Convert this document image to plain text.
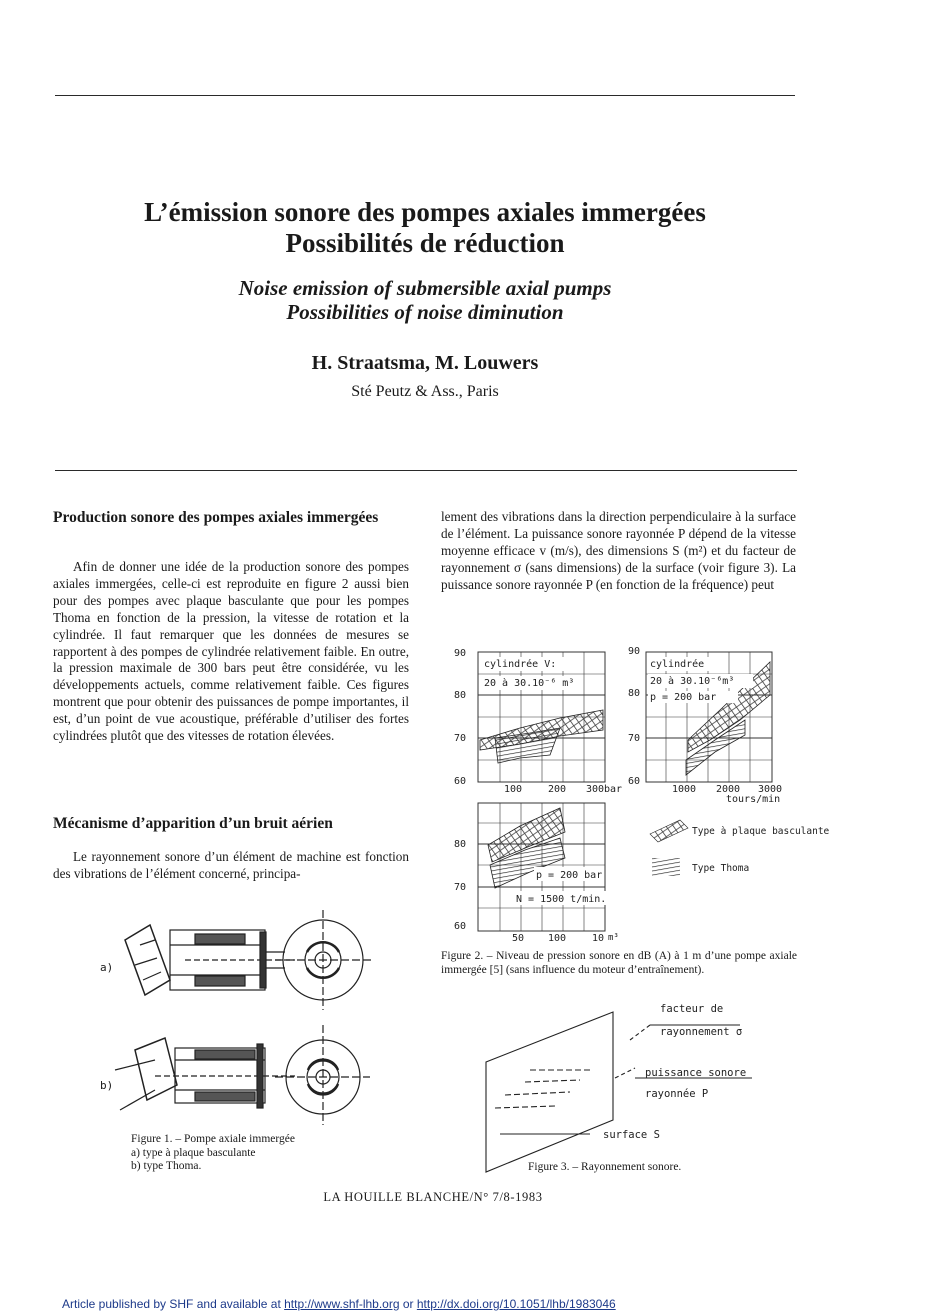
L’émission sonore des pompes axiales immergées
Possibilités de réduction
Noise emission of submersible axial pumps
Possibilities of noise diminution
H. Straatsma, M. Louwers
Sté Peutz & Ass., Paris
Production sonore des pompes axiales immergées
Afin de donner une idée de la production sonore des pompes axiales immergées, celle-ci est reproduite en figure 2 aussi bien pour des pompes avec plaque basculante que pour les pompes Thoma en fonction de la pression, la vitesse de rotation et la cylindrée. Il faut remarquer que les données de mesures se rapportent à des pompes de cylindrée relativement faible. En outre, la pression maximale de 300 bars peut être considérée, vu les développements actuels, comme relativement faible. Ces figures montrent que pour obtenir des puissances de pompe importantes, il est, d’un point de vue acoustique, préférable d’utiliser des fortes cylindrées plutôt que des vitesses de rotation élevées.
Mécanisme d’apparition d’un bruit aérien
Le rayonnement sonore d’un élément de machine est fonction des vibrations de l’élément concerné, principa-
lement des vibrations dans la direction perpendiculaire à la surface de l’élément. La puissance sonore rayonnée P dépend de la vitesse moyenne efficace v (m/s), des dimensions S (m²) et du facteur de rayonnement σ (sans dimensions) de la surface (voir figure 3). La puissance sonore rayonnée P (en fonction de la fréquence) peut
a)
b)
Figure 1. – Pompe axiale immergée
a) type à plaque basculante
b) type Thoma.
cylindrée V:
20 à 30.10⁻⁶ m³
90
80
70
60
100	200 300 bar
cylindrée
20 à 30.10⁻⁶m³
p = 200 bar
90
80
70
60
1000 2000 3000
tours/min
p = 200 bar
N = 1500 t/min.
80
70
60
50 100	10 m³
Type à plaque basculante
Type Thoma
Figure 2. – Niveau de pression sonore en dB (A) à 1 m d’une pompe axiale immergée [5] (sans influence du moteur d’entraînement).
facteur de
rayonnement σ
puissance sonore
rayonnée P
surface S
Figure 3. – Rayonnement sonore.
LA HOUILLE BLANCHE/N° 7/8-1983
Article published by SHF and available at http://www.shf-lhb.org or http://dx.doi.org/10.1051/lhb/1983046
